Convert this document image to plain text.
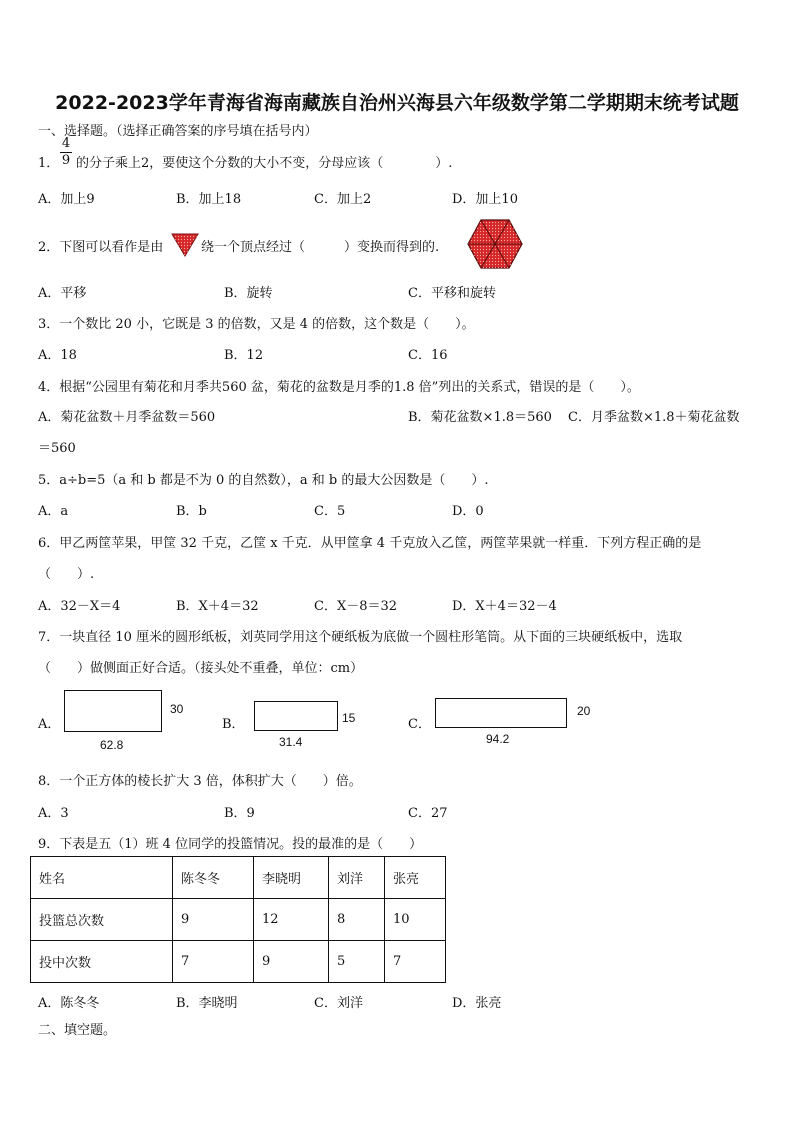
2022-2023学年青海省海南藏族自治州兴海县六年级数学第二学期期末统考试题
一、选择题。（选择正确答案的序号填在括号内）
1．
4
9 的分子乘上2，要使这个分数的大小不变，分母应该（　　　　）.
A．加上9	B．加上18	C．加上2	D．加上10
2．下图可以看作是由	绕一个顶点经过（　　　）变换而得到的.
A．平移	B．旋转	C．平移和旋转
3．一个数比 20 小，它既是 3 的倍数，又是 4 的倍数，这个数是（　　）。
A．18	B．12	C．16
4．根据“公园里有菊花和月季共560 盆，菊花的盆数是月季的1.8 倍”列出的关系式，错误的是（　　）。
A．菊花盆数＋月季盆数＝560	B．菊花盆数×1.8＝560 C．月季盆数×1.8＋菊花盆数
＝560
5．a÷b=5（a 和 b 都是不为 0 的自然数），a 和 b 的最大公因数是（　　）.
A．a	B．b	C．5	D．0
6．甲乙两筐苹果，甲筐 32 千克，乙筐 x 千克．从甲筐拿 4 千克放入乙筐，两筐苹果就一样重．下列方程正确的是
（　　）.
A．32－X＝4	B．X＋4＝32	C．X－8＝32	D．X＋4＝32－4
7．一块直径 10 厘米的圆形纸板，刘英同学用这个硬纸板为底做一个圆柱形笔筒。从下面的三块硬纸板中，选取
（　　）做侧面正好合适。（接头处不重叠，单位：cm）
A．
62.8
30
B．
31.4
15	C．
94.2
20
8．一个正方体的棱长扩大 3 倍，体积扩大（　　）倍。
A．3	B．9	C．27
9．下表是五（1）班 4 位同学的投篮情况。投的最准的是（　　）
姓名	陈冬冬	李晓明	刘洋	张亮
投篮总次数	9	12	8	10
投中次数	7	9	5	7
A．陈冬冬	B．李晓明	C．刘洋	D．张亮
二、填空题。
